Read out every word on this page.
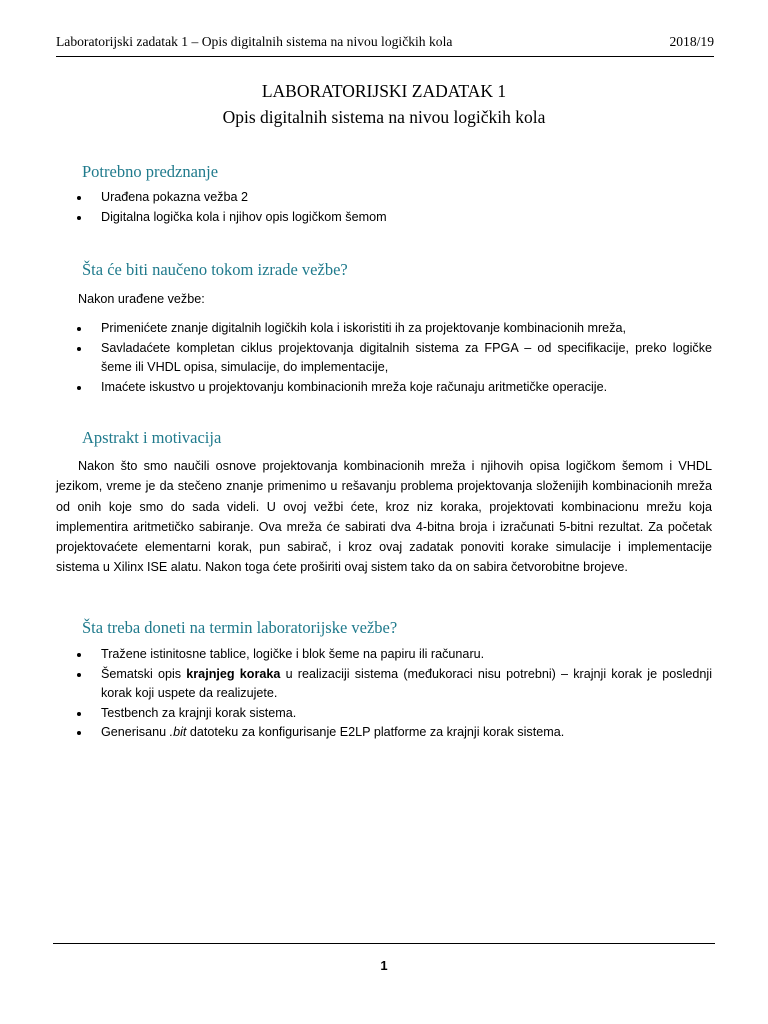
Laboratorijski zadatak 1 – Opis digitalnih sistema na nivou logičkih kola	2018/19
LABORATORIJSKI ZADATAK 1
Opis digitalnih sistema na nivou logičkih kola
Potrebno predznanje
Urađena pokazna vežba 2
Digitalna logička kola i njihov opis logičkom šemom
Šta će biti naučeno tokom izrade vežbe?
Nakon urađene vežbe:
Primenićete znanje digitalnih logičkih kola i iskoristiti ih za projektovanje kombinacionih mreža,
Savladaćete kompletan ciklus projektovanja digitalnih sistema za FPGA – od specifikacije, preko logičke šeme ili VHDL opisa, simulacije, do implementacije,
Imaćete iskustvo u projektovanju kombinacionih mreža koje računaju aritmetičke operacije.
Apstrakt i motivacija

Nakon što smo naučili osnove projektovanja kombinacionih mreža i njihovih opisa logičkom šemom i VHDL jezikom, vreme je da stečeno znanje primenimo u rešavanju problema projektovanja složenijih kombinacionih mreža od onih koje smo do sada videli. U ovoj vežbi ćete, kroz niz koraka, projektovati kombinacionu mrežu koja implementira aritmetičko sabiranje. Ova mreža će sabirati dva 4-bitna broja i izračunati 5-bitni rezultat. Za početak projektovaćete elementarni korak, pun sabirač, i kroz ovaj zadatak ponoviti korake simulacije i implementacije sistema u Xilinx ISE alatu. Nakon toga ćete proširiti ovaj sistem tako da on sabira četvorobitne brojeve.

Šta treba doneti na termin laboratorijske vežbe?
Tražene istinitosne tablice, logičke i blok šeme na papiru ili računaru.
Šematski opis krajnjeg koraka u realizaciji sistema (međukoraci nisu potrebni) – krajnji korak je poslednji korak koji uspete da realizujete.
Testbench za krajnji korak sistema.
Generisanu .bit datoteku za konfigurisanje E2LP platforme za krajnji korak sistema.
1
